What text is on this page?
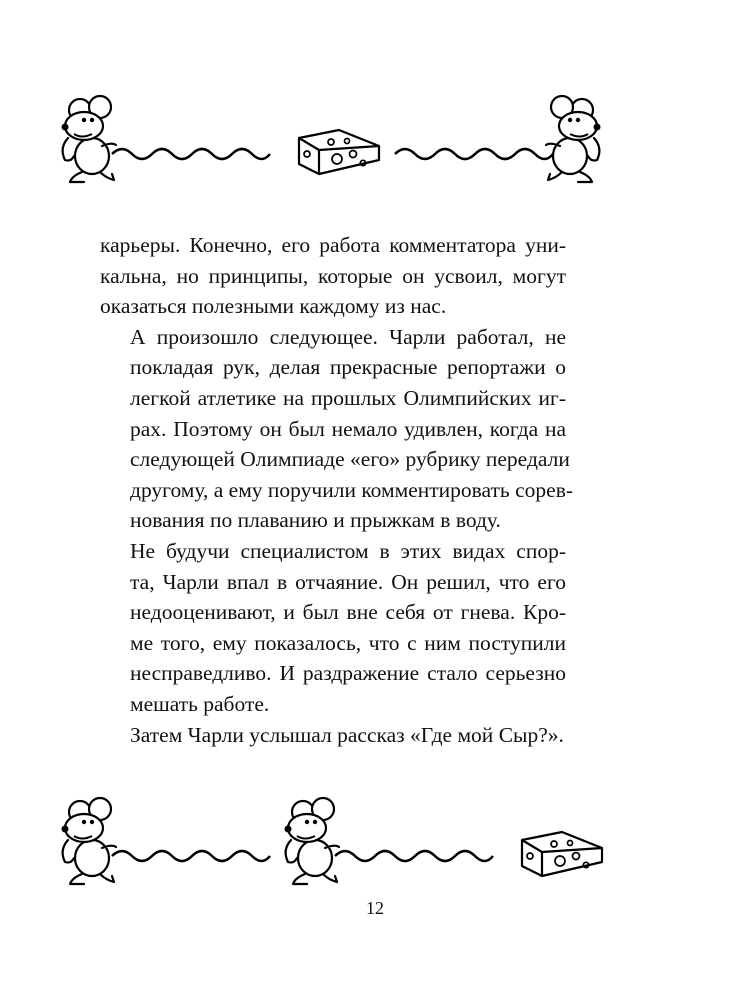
карьеры. Конечно, его работа комментатора уни-
кальна, но принципы, которые он усвоил, могут
оказаться полезными каждому из нас.

А произошло следующее. Чарли работал, не
покладая рук, делая прекрасные репортажи о
легкой атлетике на прошлых Олимпийских иг-
рах. Поэтому он был немало удивлен, когда на
следующей Олимпиаде «его» рубрику передали
другому, а ему поручили комментировать сорев-
нования по плаванию и прыжкам в воду.

Не будучи специалистом в этих видах спор-
та, Чарли впал в отчаяние. Он решил, что его
недооценивают, и был вне себя от гнева. Кро-
ме того, ему показалось, что с ним поступили
несправедливо. И раздражение стало серьезно
мешать работе.

Затем Чарли услышал рассказ «Где мой Сыр?».

12
